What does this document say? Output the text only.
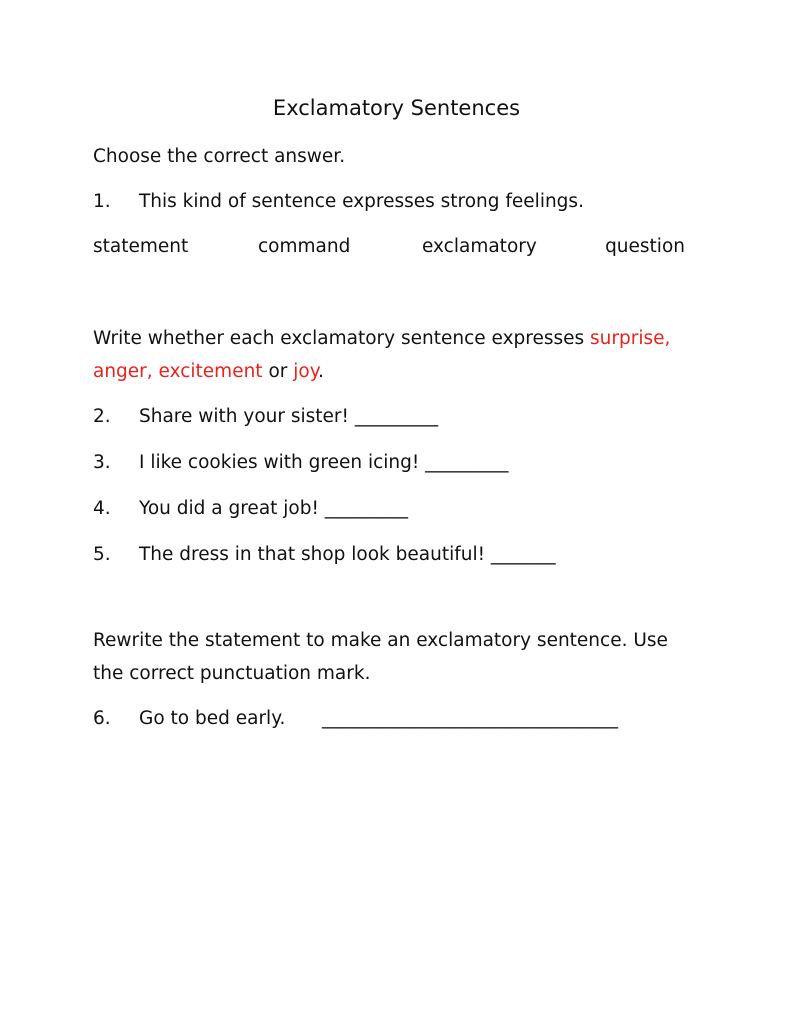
Exclamatory Sentences
Choose the correct answer.
1. This kind of sentence expresses strong feelings.
statement	command	exclamatory	question
Write whether each exclamatory sentence expresses surprise,
anger, excitement or joy.
2. Share with your sister! _________
3. I like cookies with green icing! _________
4. You did a great job! _________
5. The dress in that shop look beautiful! _______
Rewrite the statement to make an exclamatory sentence. Use
the correct punctuation mark.
6. Go to bed early. ________________________________
